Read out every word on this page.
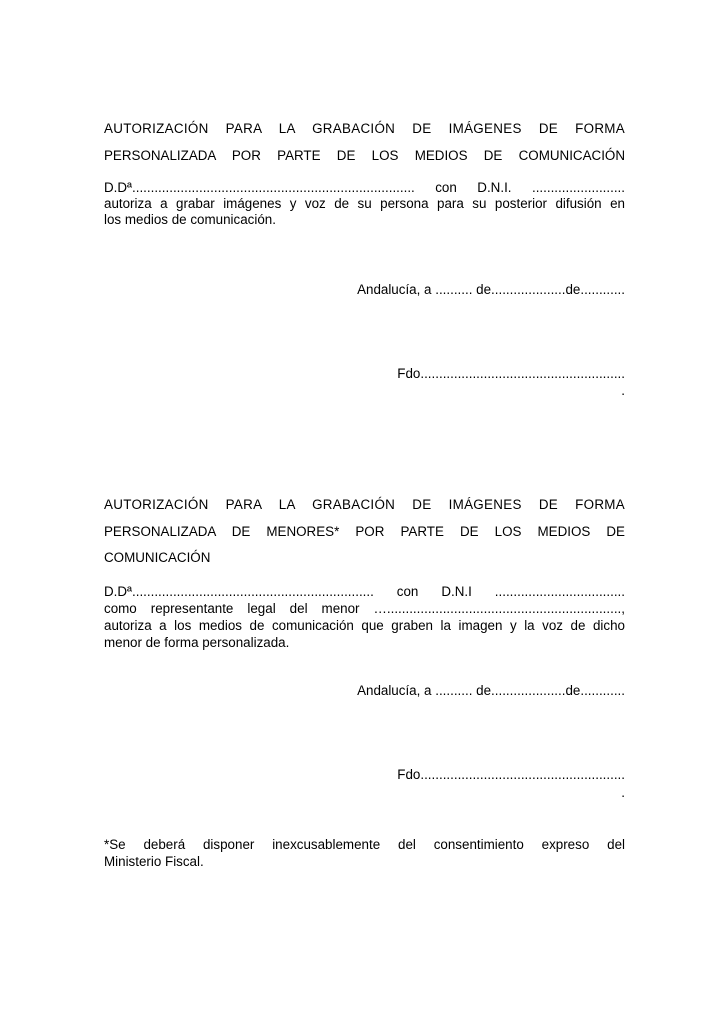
AUTORIZACIÓN PARA LA GRABACIÓN DE IMÁGENES DE FORMA
PERSONALIZADA POR PARTE DE LOS MEDIOS DE COMUNICACIÓN
D.Dª............................................................................ con D.N.I. .........................
autoriza a grabar imágenes y voz de su persona para su posterior difusión en
los medios de comunicación.
Andalucía, a .......... de....................de............
Fdo.......................................................
.
AUTORIZACIÓN PARA LA GRABACIÓN DE IMÁGENES DE FORMA
PERSONALIZADA DE MENORES* POR PARTE DE LOS MEDIOS DE
COMUNICACIÓN
D.Dª................................................................. con D.N.I ...................................
como representante legal del menor …...............................................................,
autoriza a los medios de comunicación que graben la imagen y la voz de dicho
menor de forma personalizada.
Andalucía, a .......... de....................de............
Fdo.......................................................
.
*Se deberá disponer inexcusablemente del consentimiento expreso del
Ministerio Fiscal.
